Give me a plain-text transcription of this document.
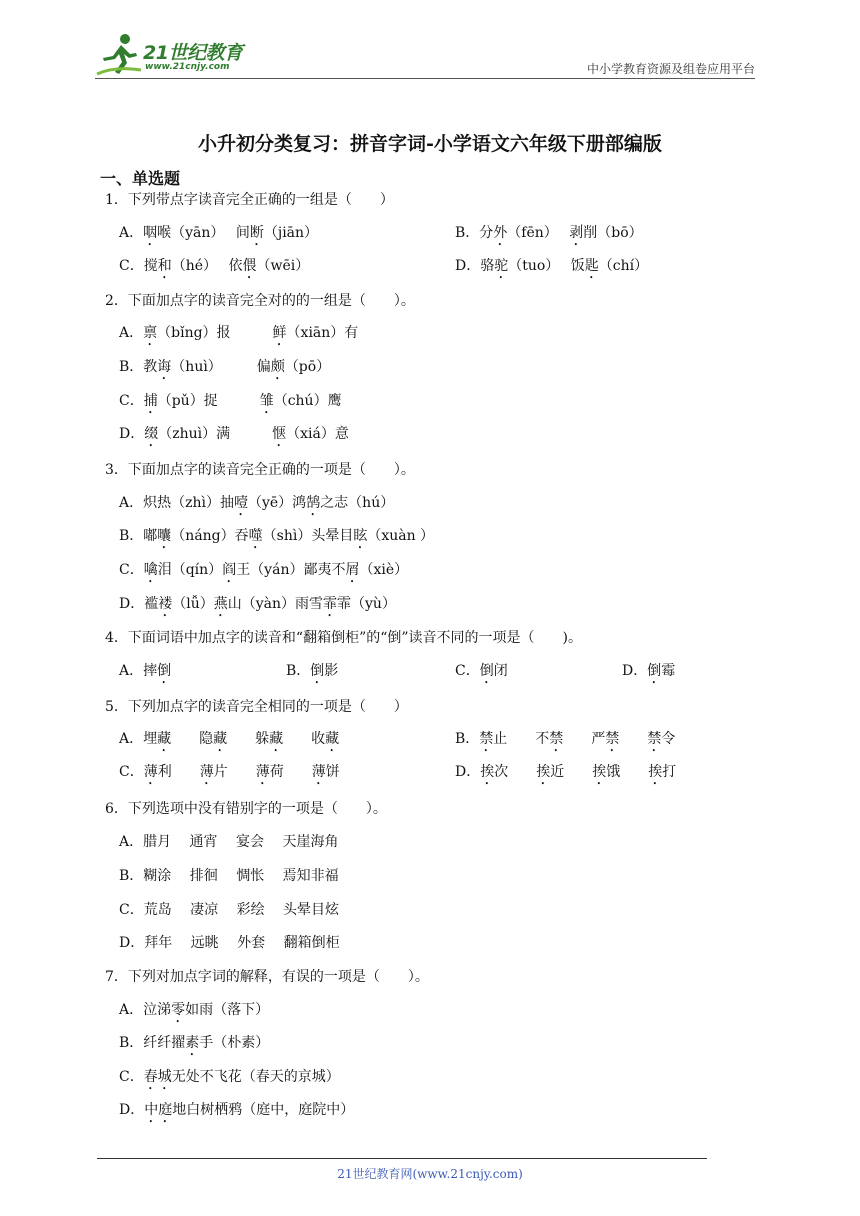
21世纪教育
www.21cnjy.com	中小学教育资源及组卷应用平台
小升初分类复习：拼音字词-小学语文六年级下册部编版
一、单选题
1．下列带点字读音完全正确的一组是（　　）
A．咽喉（yān）　 间断（jiān）	B．分外（fēn）　 剥削（bō）
C．搅和（hé）　 依偎（wēi）	D．骆驼（tuo）　 饭匙（chí）
2．下面加点字的读音完全对的的一组是（　　）。
A．禀（bǐng）报　　　鲜（xiān）有
B．教诲（huì）　　　偏颇（pō）
C．捕（pǔ）捉　　　雏（chú）鹰
D．缀（zhuì）满　　　惬（xiá）意
3．下面加点字的读音完全正确的一项是（　　）。
A．炽热（zhì）抽噎（yē）鸿鹄之志（hú）
B．嘟囔（náng）吞噬（shì）头晕目眩（xuàn ）
C．噙泪（qín）阎王（yán）鄙夷不屑（xiè）
D．褴褛（lǚ）燕山（yàn）雨雪霏霏（yù）
4．下面词语中加点字的读音和“翻箱倒柜”的“倒”读音不同的一项是（　　)。
A．摔倒	B．倒影	C．倒闭	D．倒霉
5．下列加点字的读音完全相同的一项是（　　）
A．埋藏　　隐藏　　躲藏　　收藏	B．禁止　　不禁　　严禁　　 禁令
C．薄利　　薄片　　薄荷　　薄饼	D．挨次　　挨近　　挨饿　　挨打
6．下列选项中没有错别字的一项是（　　）。
A．腊月　 通宵　 宴会　 天崖海角
B．糊涂　 排徊　 惆怅　 焉知非福
C．荒岛　 凄凉　 彩绘　 头晕目炫
D．拜年　 远眺　 外套　 翻箱倒柜
7．下列对加点字词的解释，有误的一项是（　　）。
A．泣涕零如雨（落下）
B．纤纤擢素手（朴素）
C．春城无处不飞花（春天的京城）
D．中庭地白树栖鸦（庭中，庭院中）
21世纪教育网(www.21cnjy.com)
